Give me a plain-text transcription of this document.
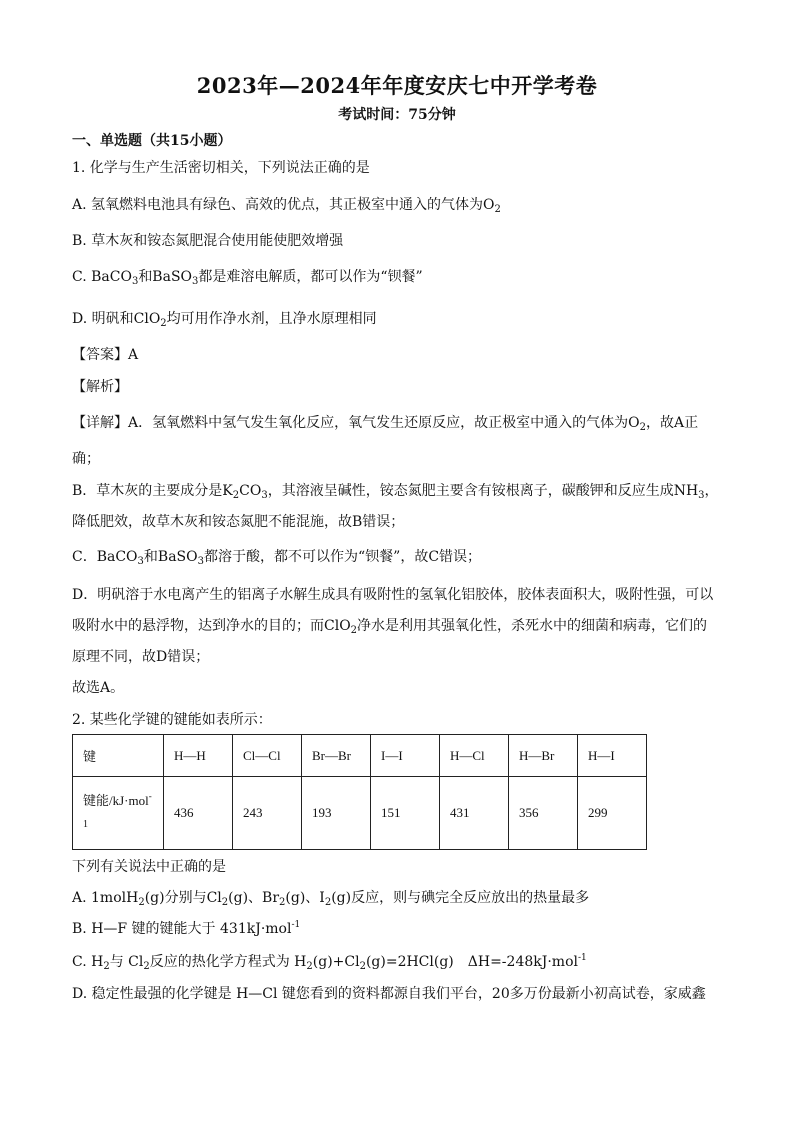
2023年—2024年年度安庆七中开学考卷
考试时间：75分钟
一、单选题（共15小题）
1. 化学与生产生活密切相关，下列说法正确的是
A. 氢氧燃料电池具有绿色、高效的优点，其正极室中通入的气体为$O_2$
B. 草木灰和铵态氮肥混合使用能使肥效增强
C. BaCO$_3$和BaSO$_3$都是难溶电解质，都可以作为“钡餐”
D. 明矾和ClO$_2$均可用作净水剂，且净水原理相同
【答案】A
【解析】
【详解】A．氢氧燃料中氢气发生氧化反应，氧气发生还原反应，故正极室中通入的气体为$O_2$，故A正
确；
B．草木灰的主要成分是$K_2CO_3$，其溶液呈碱性，铵态氮肥主要含有铵根离子，碳酸钾和反应生成$NH_3$，
降低肥效，故草木灰和铵态氮肥不能混施，故B错误；
C．BaCO$_3$和BaSO$_3$都溶于酸，都不可以作为“钡餐”，故C错误；
D．明矾溶于水电离产生的铝离子水解生成具有吸附性的氢氧化铝胶体，胶体表面积大，吸附性强，可以
吸附水中的悬浮物，达到净水的目的；而ClO$_2$净水是利用其强氧化性，杀死水中的细菌和病毒，它们的
原理不同，故D错误；
故选A。
2. 某些化学键的键能如表所示：
键	H—H	Cl—Cl	Br—Br	I—I	H—Cl	H—Br	H—I
键能/kJ·mol-
1	436	243	193	151	431	356	299
下列有关说法中正确的是
A. 1molH$_2$(g)分别与$Cl_2(g)$、$Br_2(g)$、$I_2(g)$反应，则与碘完全反应放出的热量最多
B. H—F 键的键能大于 431kJ·mol$^{-1}$
C. $H_2$与 $Cl_2$反应的热化学方程式为 $H_2(g)+Cl_2(g)=2HCl(g)$　ΔH=-248kJ·mol$^{-1}$
D. 稳定性最强的化学键是 H—Cl 键您看到的资料都源自我们平台，20多万份最新小初高试卷，家威鑫
